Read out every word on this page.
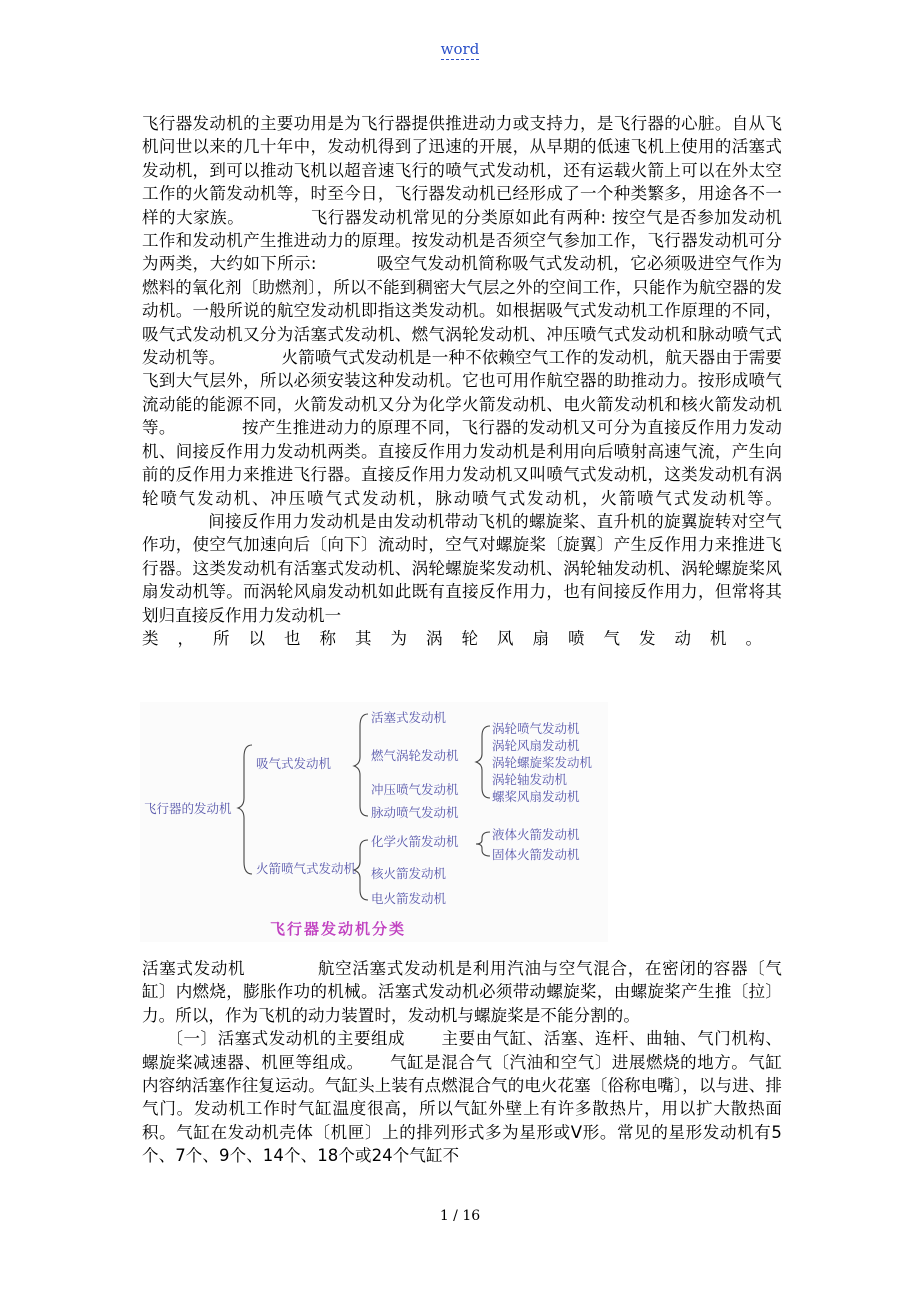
word

飞行器发动机的主要功用是为飞行器提供推进动力或支持力，是飞行器的心脏。自从飞机问世以来的几十年中，发动机得到了迅速的开展，从早期的低速飞机上使用的活塞式发动机，到可以推动飞机以超音速飞行的喷气式发动机，还有运载火箭上可以在外太空工作的火箭发动机等，时至今日，飞行器发动机已经形成了一个种类繁多，用途各不一样的大家族。	飞行器发动机常见的分类原如此有两种: 按空气是否参加发动机工作和发动机产生推进动力的原理。按发动机是否须空气参加工作，飞行器发动机可分为两类，大约如下所示:	吸空气发动机简称吸气式发动机，它必须吸进空气作为燃料的氧化剂〔助燃剂〕，所以不能到稠密大气层之外的空间工作，只能作为航空器的发动机。一般所说的航空发动机即指这类发动机。如根据吸气式发动机工作原理的不同，吸气式发动机又分为活塞式发动机、燃气涡轮发动机、冲压喷气式发动机和脉动喷气式发动机等。	火箭喷气式发动机是一种不依赖空气工作的发动机，航天器由于需要飞到大气层外，所以必须安装这种发动机。它也可用作航空器的助推动力。按形成喷气流动能的能源不同，火箭发动机又分为化学火箭发动机、电火箭发动机和核火箭发动机等。	按产生推进动力的原理不同，飞行器的发动机又可分为直接反作用力发动机、间接反作用力发动机两类。直接反作用力发动机是利用向后喷射高速气流，产生向前的反作用力来推进飞行器。直接反作用力发动机又叫喷气式发动机，这类发动机有涡轮喷气发动机、冲压喷气式发动机，脉动喷气式发动机，火箭喷气式发动机等。间接反作用力发动机是由发动机带动飞机的螺旋桨、直升机的旋翼旋转对空气作功，使空气加速向后〔向下〕流动时，空气对螺旋桨〔旋翼〕产生反作用力来推进飞行器。这类发动机有活塞式发动机、涡轮螺旋桨发动机、涡轮轴发动机、涡轮螺旋桨风扇发动机等。而涡轮风扇发动机如此既有直接反作用力，也有间接反作用力，但常将其划归直接反作用力发动机一

类，所以也称其为涡轮风扇喷气发动机。

飞行器的发动机
吸气式发动机
火箭喷气式发动机
活塞式发动机
燃气涡轮发动机
冲压喷气发动机
脉动喷气发动机
涡轮喷气发动机
涡轮风扇发动机
涡轮螺旋桨发动机
涡轮轴发动机
螺桨风扇发动机
化学火箭发动机
核火箭发动机
电火箭发动机
液体火箭发动机
固体火箭发动机
飞行器发动机分类

活塞式发动机	航空活塞式发动机是利用汽油与空气混合，在密闭的容器〔气缸〕内燃烧，膨胀作功的机械。活塞式发动机必须带动螺旋桨，由螺旋桨产生推〔拉〕力。所以，作为飞机的动力装置时，发动机与螺旋桨是不能分割的。

〔一〕活塞式发动机的主要组成 主要由气缸、活塞、连杆、曲轴、气门机构、螺旋桨减速器、机匣等组成。 气缸是混合气〔汽油和空气〕进展燃烧的地方。气缸内容纳活塞作往复运动。气缸头上装有点燃混合气的电火花塞〔俗称电嘴〕，以与进、排气门。发动机工作时气缸温度很高，所以气缸外壁上有许多散热片，用以扩大散热面积。气缸在发动机壳体〔机匣〕上的排列形式多为星形或V形。常见的星形发动机有5个、7个、9个、14个、18个或24个气缸不

1 / 16
